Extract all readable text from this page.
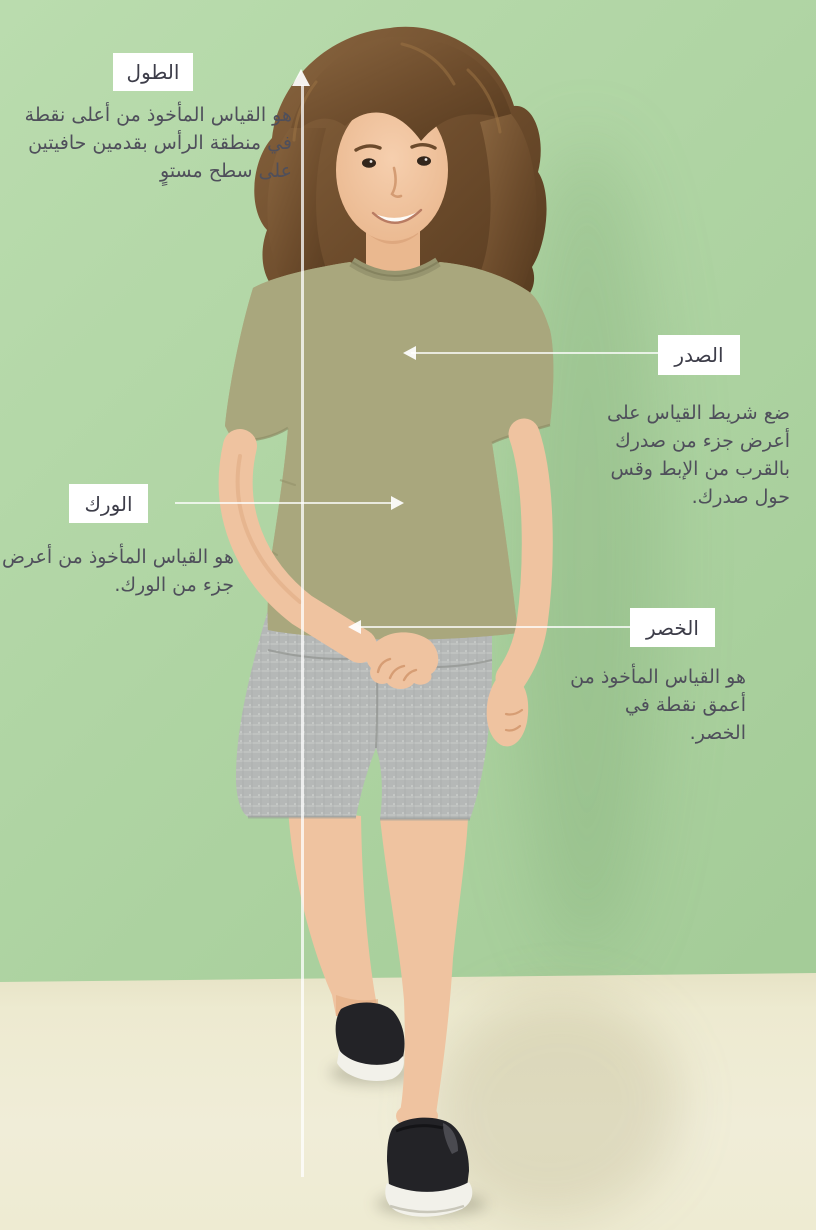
الطول

هو القياس المأخوذ من أعلى نقطة في منطقة الرأس بقدمين حافيتين على سطح مستوٍ

الصدر

ضع شريط القياس على أعرض جزء من صدرك بالقرب من الإبط وقس حول صدرك.

الورك

هو القياس المأخوذ من أعرض جزء من الورك.

الخصر

هو القياس المأخوذ من أعمق نقطة في الخصر.
